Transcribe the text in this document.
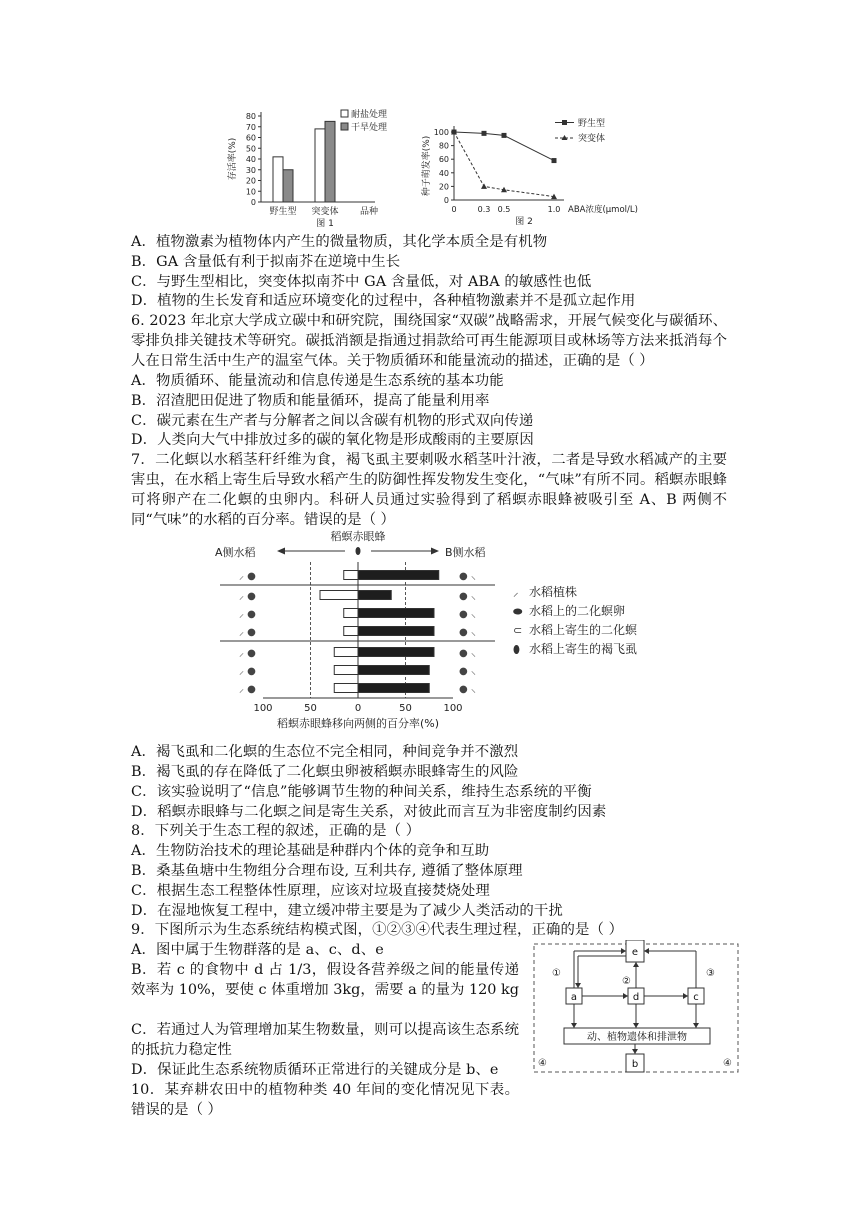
0
10
20
30
40
50
60
70
80
存活率(%)
野生型 突变体 品种
图 1
耐盐处理
干旱处理
0
20
40
60
80
100
种子萌发率(%)
0	0.3 0.5	1.0 ABA浓度(μmol/L)
图 2
野生型
突变体
稻螟赤眼蜂
A侧水稻	B侧水稻
⸝ ●	● ⸜
⸝ ●	● ⸜
⸝ ●	● ⸜
⸝ ●	● ⸜
⸝ ●	● ⸜
⸝ ●	● ⸜
⸝ ●	● ⸜
100	50	0	50	100
稻螟赤眼蜂移向两侧的百分率(%)
⸝ 水稻植株
⬬ 水稻上的二化螟卵
⊂ 水稻上寄生的二化螟
⬮ 水稻上寄生的褐飞虱
e
a	d	c
动、植物遗体和排泄物
b
①
②
③
④	④
A．植物激素为植物体内产生的微量物质，其化学本质全是有机物
B．GA 含量低有利于拟南芥在逆境中生长
C．与野生型相比，突变体拟南芥中 GA 含量低，对 ABA 的敏感性也低
D．植物的生长发育和适应环境变化的过程中，各种植物激素并不是孤立起作用
6. 2023 年北京大学成立碳中和研究院，围绕国家“双碳”战略需求，开展气候变化与碳循环、零排负排关键技术等研究。碳抵消额是指通过捐款给可再生能源项目或林场等方法来抵消每个人在日常生活中生产的温室气体。关于物质循环和能量流动的描述，正确的是（ ）
A．物质循环、能量流动和信息传递是生态系统的基本功能
B．沼渣肥田促进了物质和能量循环，提高了能量利用率
C．碳元素在生产者与分解者之间以含碳有机物的形式双向传递
D．人类向大气中排放过多的碳的氧化物是形成酸雨的主要原因
7．二化螟以水稻茎秆纤维为食，褐飞虱主要刺吸水稻茎叶汁液，二者是导致水稻减产的主要害虫，在水稻上寄生后导致水稻产生的防御性挥发物发生变化，“气味”有所不同。稻螟赤眼蜂可将卵产在二化螟的虫卵内。科研人员通过实验得到了稻螟赤眼蜂被吸引至 A、B 两侧不同“气味”的水稻的百分率。错误的是（ ）
A．褐飞虱和二化螟的生态位不完全相同，种间竞争并不激烈
B．褐飞虱的存在降低了二化螟虫卵被稻螟赤眼蜂寄生的风险
C．该实验说明了“信息”能够调节生物的种间关系，维持生态系统的平衡
D．稻螟赤眼蜂与二化螟之间是寄生关系，对彼此而言互为非密度制约因素
8．下列关于生态工程的叙述，正确的是（ ）
A．生物防治技术的理论基础是种群内个体的竞争和互助
B．桑基鱼塘中生物组分合理布设, 互利共存, 遵循了整体原理
C．根据生态工程整体性原理，应该对垃圾直接焚烧处理
D．在湿地恢复工程中，建立缓冲带主要是为了减少人类活动的干扰
9．下图所示为生态系统结构模式图，①②③④代表生理过程，正确的是（ ）
A．图中属于生物群落的是 a、c、d、e
B．若 c 的食物中 d 占 1/3，假设各营养级之间的能量传递效率为 10%，要使 c 体重增加 3kg，需要 a 的量为 120 kg
C．若通过人为管理增加某生物数量，则可以提高该生态系统的抵抗力稳定性
D．保证此生态系统物质循环正常进行的关键成分是 b、e
10．某弃耕农田中的植物种类 40 年间的变化情况见下表。错误的是（ ）
